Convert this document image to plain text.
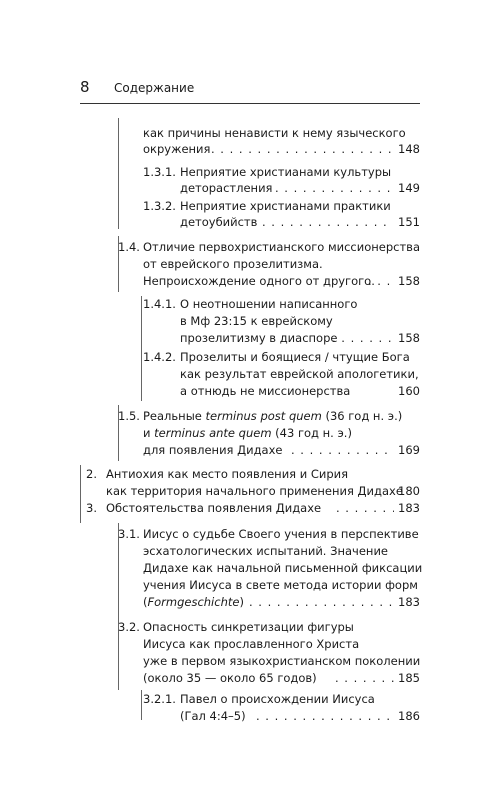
8 Содержание
как причины ненависти к нему языческого
окружения . . .	148
1.3.1. Неприятие христианами культуры
деторастления . . .	149
1.3.2. Неприятие христианами практики
детоубийств . . .	151
1.4. Отличие первохристианского миссионерства
от еврейского прозелитизма.
Непроисхождение одного от другого. . . . 158
1.4.1. О неотношении написанного
в Мф 23:15 к еврейскому
прозелитизму в диаспоре . . .	158
1.4.2. Прозелиты и боящиеся / чтущие Бога
как результат еврейской апологетики,
а отнюдь не миссионерства	160
1.5. Реальные terminus post quem (36 год н. э.)
и terminus ante quem (43 год н. э.)
для появления Дидахе . . .	169
2. Антиохия как место появления и Сирия
как территория начального применения Дидахе
180
3. Обстоятельства появления Дидахе . . .	183
3.1. Иисус о судьбе Своего учения в перспективе
эсхатологических испытаний. Значение
Дидахе как начальной письменной фиксации
учения Иисуса в свете метода истории форм
(Formgeschichte) . . .	183
3.2. Опасность синкретизации фигуры
Иисуса как прославленного Христа
уже в первом языкохристианском поколении
(около 35 — около 65 годов) . . .	185
3.2.1. Павел о происхождении Иисуса
(Гал 4:4–5) . . .	186
